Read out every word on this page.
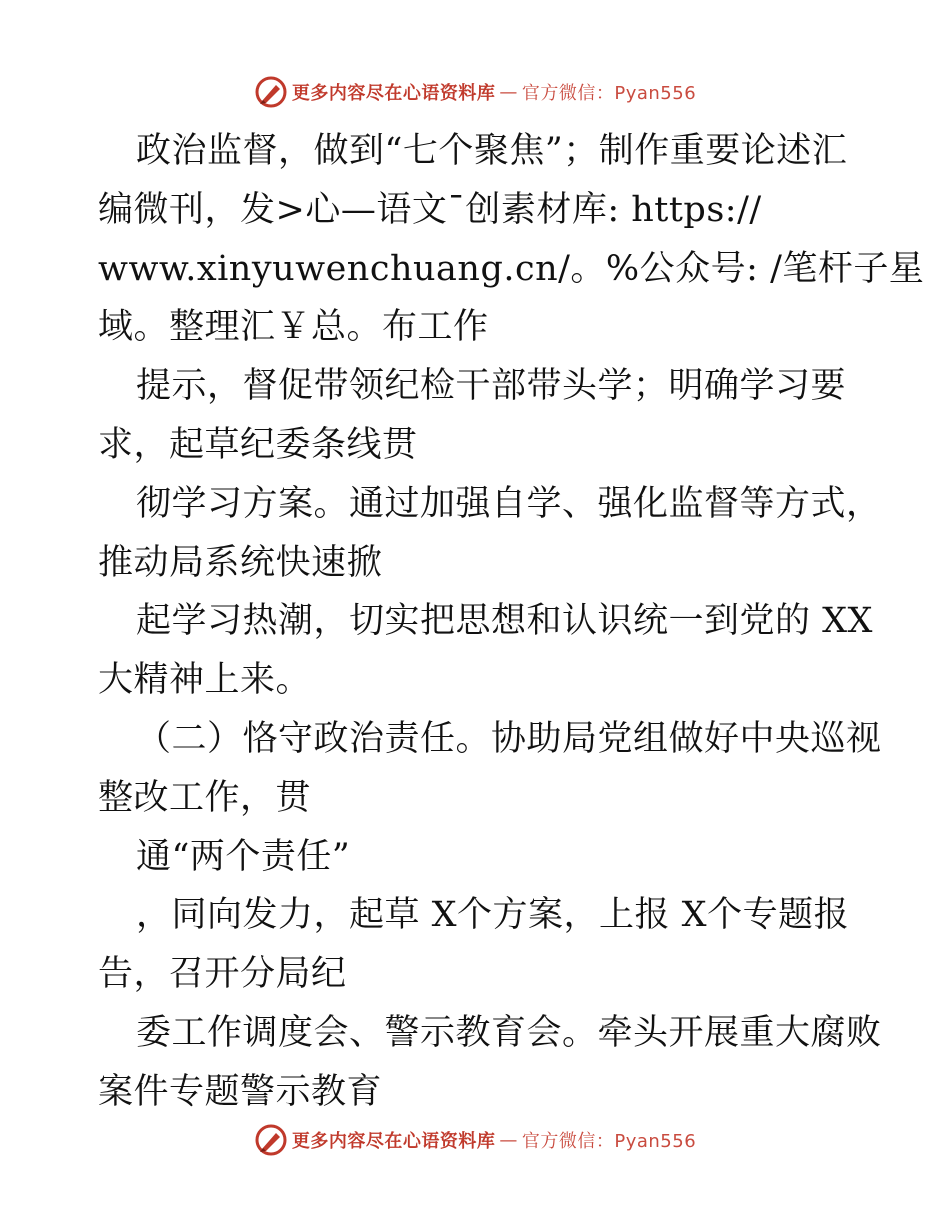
更多内容尽在心语资料库 — 官方微信：Pyan556
政治监督，做到“七个聚焦”；制作重要论述汇
编微刊，发>心—语文¯创素材库: https://
www.xinyuwenchuang.cn/。%公众号: /笔杆子星
域。整理汇￥总。布工作
提示，督促带领纪检干部带头学；明确学习要
求，起草纪委条线贯
彻学习方案。通过加强自学、强化监督等方式，
推动局系统快速掀
起学习热潮，切实把思想和认识统一到党的 XX
大精神上来。
（二）恪守政治责任。协助局党组做好中央巡视
整改工作，贯
通“两个责任”
，同向发力，起草 X个方案，上报 X个专题报
告，召开分局纪
委工作调度会、警示教育会。牵头开展重大腐败
案件专题警示教育
更多内容尽在心语资料库 — 官方微信：Pyan556
